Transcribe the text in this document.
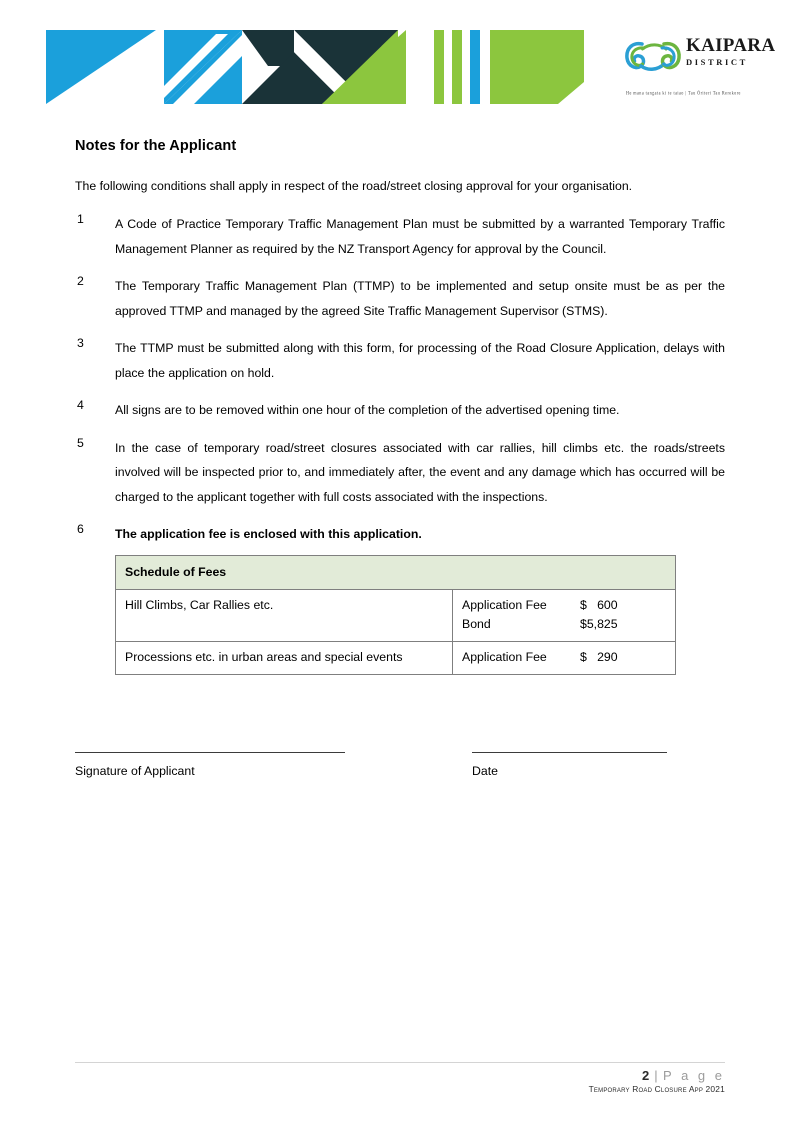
KAIPARA
DISTRICT
He mana tangata ki te taiao | Tau Ōriteri Tau Rerekore
Notes for the Applicant

The following conditions shall apply in respect of the road/street closing approval for your organisation.

1	A Code of Practice Temporary Traffic Management Plan must be submitted by a warranted Temporary Traffic Management Planner as required by the NZ Transport Agency for approval by the Council.
2	The Temporary Traffic Management Plan (TTMP) to be implemented and setup onsite must be as per the approved TTMP and managed by the agreed Site Traffic Management Supervisor (STMS).
3	The TTMP must be submitted along with this form, for processing of the Road Closure Application, delays with place the application on hold.
4	All signs are to be removed within one hour of the completion of the advertised opening time.
5	In the case of temporary road/street closures associated with car rallies, hill climbs etc. the roads/streets involved will be inspected prior to, and immediately after, the event and any damage which has occurred will be charged to the applicant together with full costs associated with the inspections.
6	The application fee is enclosed with this application.
Schedule of Fees	
Hill Climbs, Car Rallies etc.	Application Fee $   600
Bond $5,825

Processions etc. in urban areas and special events	Application Fee $   290
Signature of Applicant	Date
2 | P a g e
Temporary Road Closure App 2021
